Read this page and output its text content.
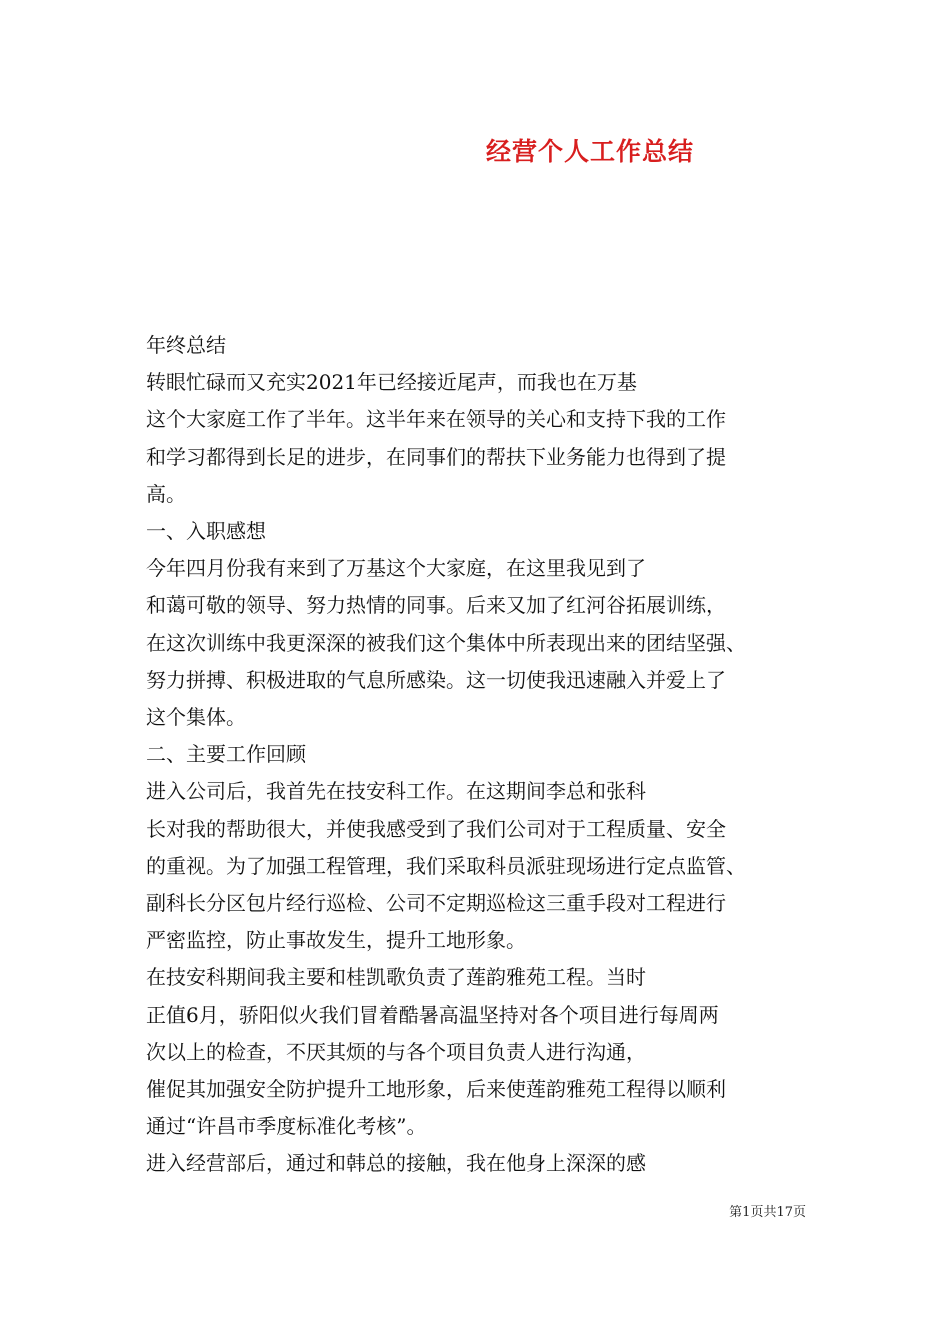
经营个人工作总结

年终总结

转眼忙碌而又充实2021年已经接近尾声，而我也在万基

这个大家庭工作了半年。这半年来在领导的关心和支持下我的工作

和学习都得到长足的进步，在同事们的帮扶下业务能力也得到了提

高。

一、入职感想

今年四月份我有来到了万基这个大家庭，在这里我见到了

和蔼可敬的领导、努力热情的同事。后来又加了红河谷拓展训练，

在这次训练中我更深深的被我们这个集体中所表现出来的团结坚强、

努力拼搏、积极进取的气息所感染。这一切使我迅速融入并爱上了

这个集体。

二、主要工作回顾

进入公司后，我首先在技安科工作。在这期间李总和张科

长对我的帮助很大，并使我感受到了我们公司对于工程质量、安全

的重视。为了加强工程管理，我们采取科员派驻现场进行定点监管、

副科长分区包片经行巡检、公司不定期巡检这三重手段对工程进行

严密监控，防止事故发生，提升工地形象。

在技安科期间我主要和桂凯歌负责了莲韵雅苑工程。当时

正值6月，骄阳似火我们冒着酷暑高温坚持对各个项目进行每周两

次以上的检查，不厌其烦的与各个项目负责人进行沟通，

催促其加强安全防护提升工地形象，后来使莲韵雅苑工程得以顺利

通过“许昌市季度标准化考核”。

进入经营部后，通过和韩总的接触，我在他身上深深的感

第1页共17页
